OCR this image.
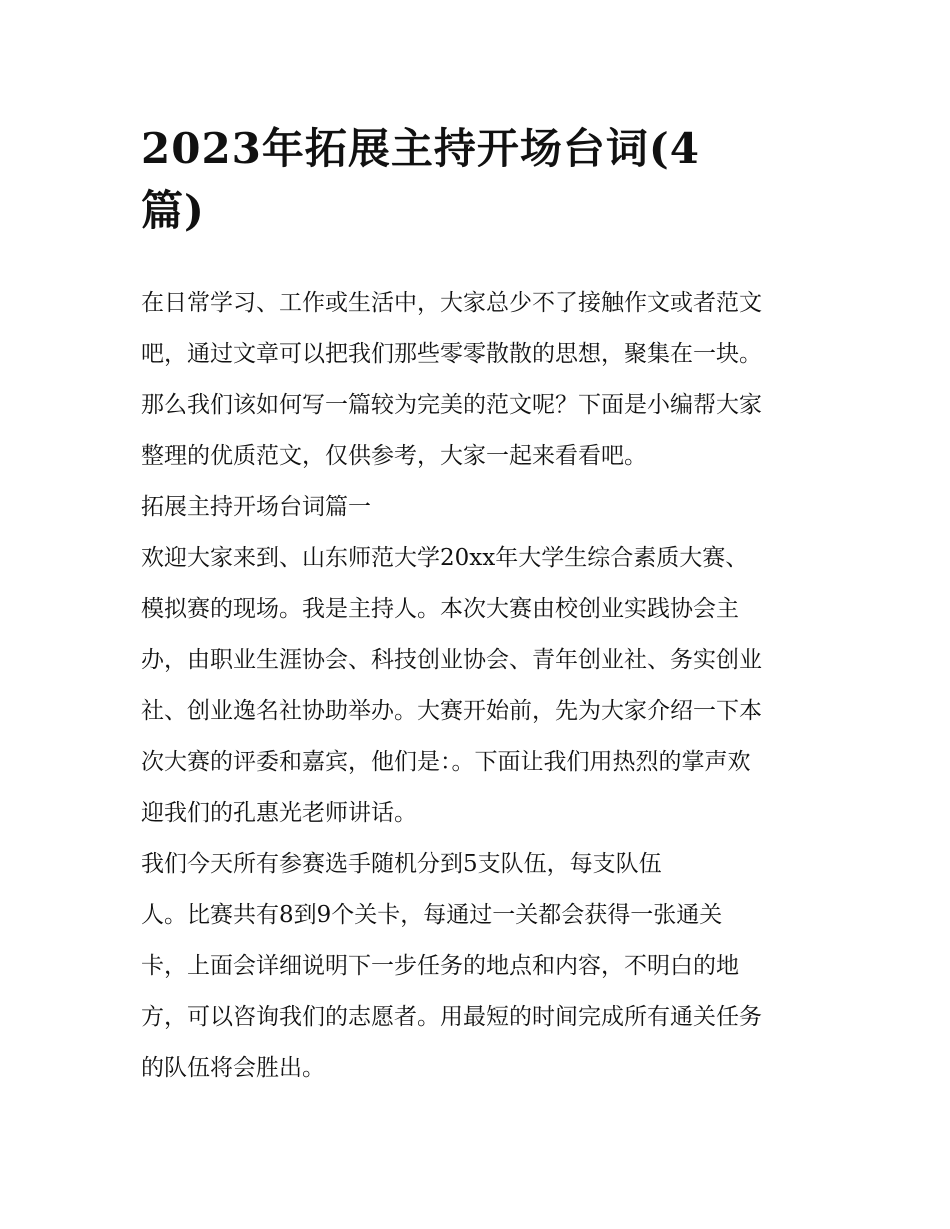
2023年拓展主持开场台词(4
篇)
在日常学习、工作或生活中，大家总少不了接触作文或者范文
吧，通过文章可以把我们那些零零散散的思想，聚集在一块。
那么我们该如何写一篇较为完美的范文呢？下面是小编帮大家
整理的优质范文，仅供参考，大家一起来看看吧。
拓展主持开场台词篇一
欢迎大家来到、山东师范大学20xx年大学生综合素质大赛、
模拟赛的现场。我是主持人。本次大赛由校创业实践协会主
办，由职业生涯协会、科技创业协会、青年创业社、务实创业
社、创业逸名社协助举办。大赛开始前，先为大家介绍一下本
次大赛的评委和嘉宾，他们是：。下面让我们用热烈的掌声欢
迎我们的孔惠光老师讲话。
我们今天所有参赛选手随机分到5支队伍，每支队伍
人。比赛共有8到9个关卡，每通过一关都会获得一张通关
卡，上面会详细说明下一步任务的地点和内容，不明白的地
方，可以咨询我们的志愿者。用最短的时间完成所有通关任务
的队伍将会胜出。
